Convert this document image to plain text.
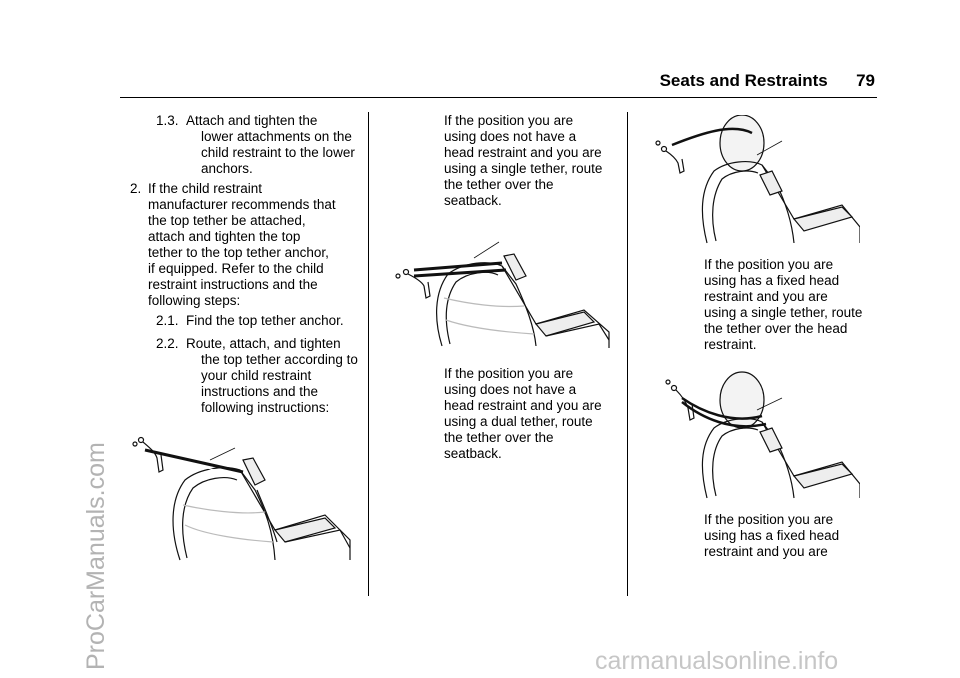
Seats and Restraints      79
ProCarManuals.com	carmanualsonline.info
1.3. Attach and tighten the
lower attachments on the
child restraint to the lower
anchors.
2. If the child restraint
manufacturer recommends that
the top tether be attached,
attach and tighten the top
tether to the top tether anchor,
if equipped. Refer to the child
restraint instructions and the
following steps:
2.1. Find the top tether anchor.
2.2. Route, attach, and tighten
the top tether according to
your child restraint
instructions and the
following instructions:
If the position you are
using does not have a
head restraint and you are
using a single tether, route
the tether over the
seatback.
If the position you are
using does not have a
head restraint and you are
using a dual tether, route
the tether over the
seatback.
If the position you are
using has a fixed head
restraint and you are
using a single tether, route
the tether over the head
restraint.
If the position you are
using has a fixed head
restraint and you are
